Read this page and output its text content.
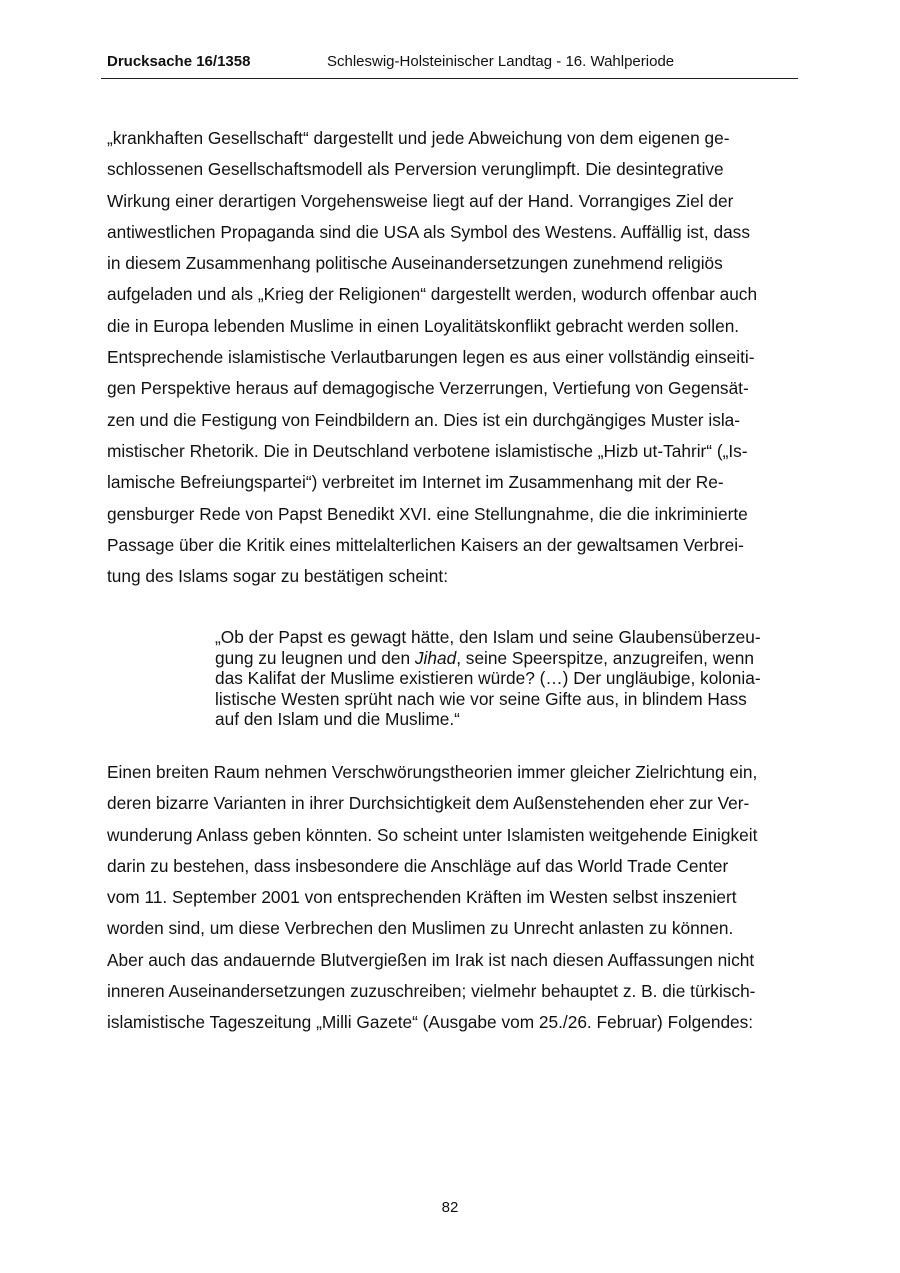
Drucksache 16/1358	Schleswig-Holsteinischer Landtag - 16. Wahlperiode

„krankhaften Gesellschaft“ dargestellt und jede Abweichung von dem eigenen ge-

schlossenen Gesellschaftsmodell als Perversion verunglimpft. Die desintegrative

Wirkung einer derartigen Vorgehensweise liegt auf der Hand. Vorrangiges Ziel der

antiwestlichen Propaganda sind die USA als Symbol des Westens. Auffällig ist, dass

in diesem Zusammenhang politische Auseinandersetzungen zunehmend religiös

aufgeladen und als „Krieg der Religionen“ dargestellt werden, wodurch offenbar auch

die in Europa lebenden Muslime in einen Loyalitätskonflikt gebracht werden sollen.

Entsprechende islamistische Verlautbarungen legen es aus einer vollständig einseiti-

gen Perspektive heraus auf demagogische Verzerrungen, Vertiefung von Gegensät-

zen und die Festigung von Feindbildern an. Dies ist ein durchgängiges Muster isla-

mistischer Rhetorik. Die in Deutschland verbotene islamistische „Hizb ut-Tahrir“ („Is-

lamische Befreiungspartei“) verbreitet im Internet im Zusammenhang mit der Re-

gensburger Rede von Papst Benedikt XVI. eine Stellungnahme, die die inkriminierte

Passage über die Kritik eines mittelalterlichen Kaisers an der gewaltsamen Verbrei-

tung des Islams sogar zu bestätigen scheint:

„Ob der Papst es gewagt hätte, den Islam und seine Glaubensüberzeu-

gung zu leugnen und den Jihad, seine Speerspitze, anzugreifen, wenn

das Kalifat der Muslime existieren würde? (…) Der ungläubige, kolonia-

listische Westen sprüht nach wie vor seine Gifte aus, in blindem Hass

auf den Islam und die Muslime.“

Einen breiten Raum nehmen Verschwörungstheorien immer gleicher Zielrichtung ein,

deren bizarre Varianten in ihrer Durchsichtigkeit dem Außenstehenden eher zur Ver-

wunderung Anlass geben könnten. So scheint unter Islamisten weitgehende Einigkeit

darin zu bestehen, dass insbesondere die Anschläge auf das World Trade Center

vom 11. September 2001 von entsprechenden Kräften im Westen selbst inszeniert

worden sind, um diese Verbrechen den Muslimen zu Unrecht anlasten zu können.

Aber auch das andauernde Blutvergießen im Irak ist nach diesen Auffassungen nicht

inneren Auseinandersetzungen zuzuschreiben; vielmehr behauptet z. B. die türkisch-

islamistische Tageszeitung „Milli Gazete“ (Ausgabe vom 25./26. Februar) Folgendes:

82
